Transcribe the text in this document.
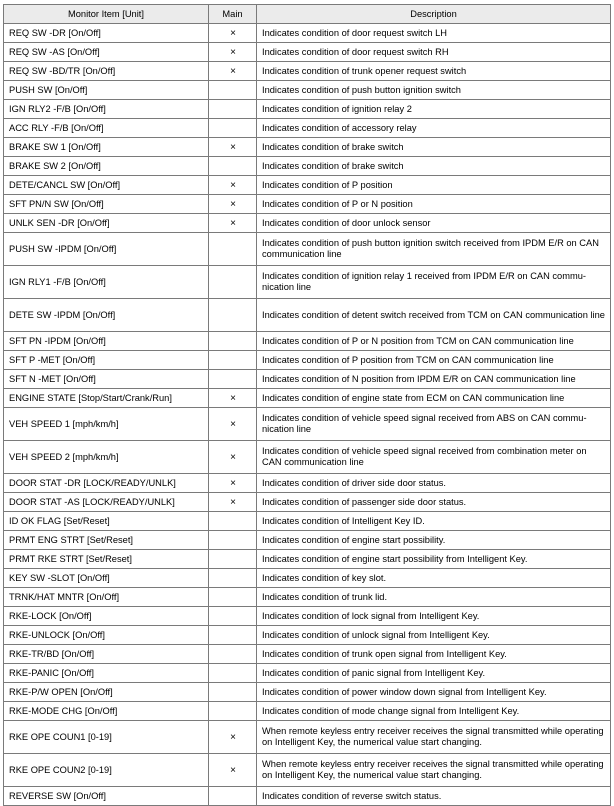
Monitor Item [Unit]	Main	Description
REQ SW -DR [On/Off]	×	Indicates condition of door request switch LH
REQ SW -AS [On/Off]	×	Indicates condition of door request switch RH
REQ SW -BD/TR [On/Off]	×	Indicates condition of trunk opener request switch
PUSH SW [On/Off]		Indicates condition of push button ignition switch
IGN RLY2 -F/B [On/Off]		Indicates condition of ignition relay 2
ACC RLY -F/B [On/Off]		Indicates condition of accessory relay
BRAKE SW 1 [On/Off]	×	Indicates condition of brake switch
BRAKE SW 2 [On/Off]		Indicates condition of brake switch
DETE/CANCL SW [On/Off]	×	Indicates condition of P position
SFT PN/N SW [On/Off]	×	Indicates condition of P or N position
UNLK SEN -DR [On/Off]	×	Indicates condition of door unlock sensor
PUSH SW -IPDM [On/Off]		Indicates condition of push button ignition switch received from IPDM E/R on CAN communication line
IGN RLY1 -F/B [On/Off]		Indicates condition of ignition relay 1 received from IPDM E/R on CAN communication line
DETE SW -IPDM [On/Off]		Indicates condition of detent switch received from TCM on CAN communication line
SFT PN -IPDM [On/Off]		Indicates condition of P or N position from TCM on CAN communication line
SFT P -MET [On/Off]		Indicates condition of P position from TCM on CAN communication line
SFT N -MET [On/Off]		Indicates condition of N position from IPDM E/R on CAN communication line
ENGINE STATE [Stop/Start/Crank/Run]	×	Indicates condition of engine state from ECM on CAN communication line
VEH SPEED 1 [mph/km/h]	×	Indicates condition of vehicle speed signal received from ABS on CAN communication line
VEH SPEED 2 [mph/km/h]	×	Indicates condition of vehicle speed signal received from combination meter on CAN communication line
DOOR STAT -DR [LOCK/READY/UNLK]	×	Indicates condition of driver side door status.
DOOR STAT -AS [LOCK/READY/UNLK]	×	Indicates condition of passenger side door status.
ID OK FLAG [Set/Reset]		Indicates condition of Intelligent Key ID.
PRMT ENG STRT [Set/Reset]		Indicates condition of engine start possibility.
PRMT RKE STRT [Set/Reset]		Indicates condition of engine start possibility from Intelligent Key.
KEY SW -SLOT [On/Off]		Indicates condition of key slot.
TRNK/HAT MNTR [On/Off]		Indicates condition of trunk lid.
RKE-LOCK [On/Off]		Indicates condition of lock signal from Intelligent Key.
RKE-UNLOCK [On/Off]		Indicates condition of unlock signal from Intelligent Key.
RKE-TR/BD [On/Off]		Indicates condition of trunk open signal from Intelligent Key.
RKE-PANIC [On/Off]		Indicates condition of panic signal from Intelligent Key.
RKE-P/W OPEN [On/Off]		Indicates condition of power window down signal from Intelligent Key.
RKE-MODE CHG [On/Off]		Indicates condition of mode change signal from Intelligent Key.
RKE OPE COUN1 [0-19]	×	When remote keyless entry receiver receives the signal transmitted while operating on Intelligent Key, the numerical value start changing.
RKE OPE COUN2 [0-19]	×	When remote keyless entry receiver receives the signal transmitted while operating on Intelligent Key, the numerical value start changing.
REVERSE SW [On/Off]		Indicates condition of reverse switch status.
